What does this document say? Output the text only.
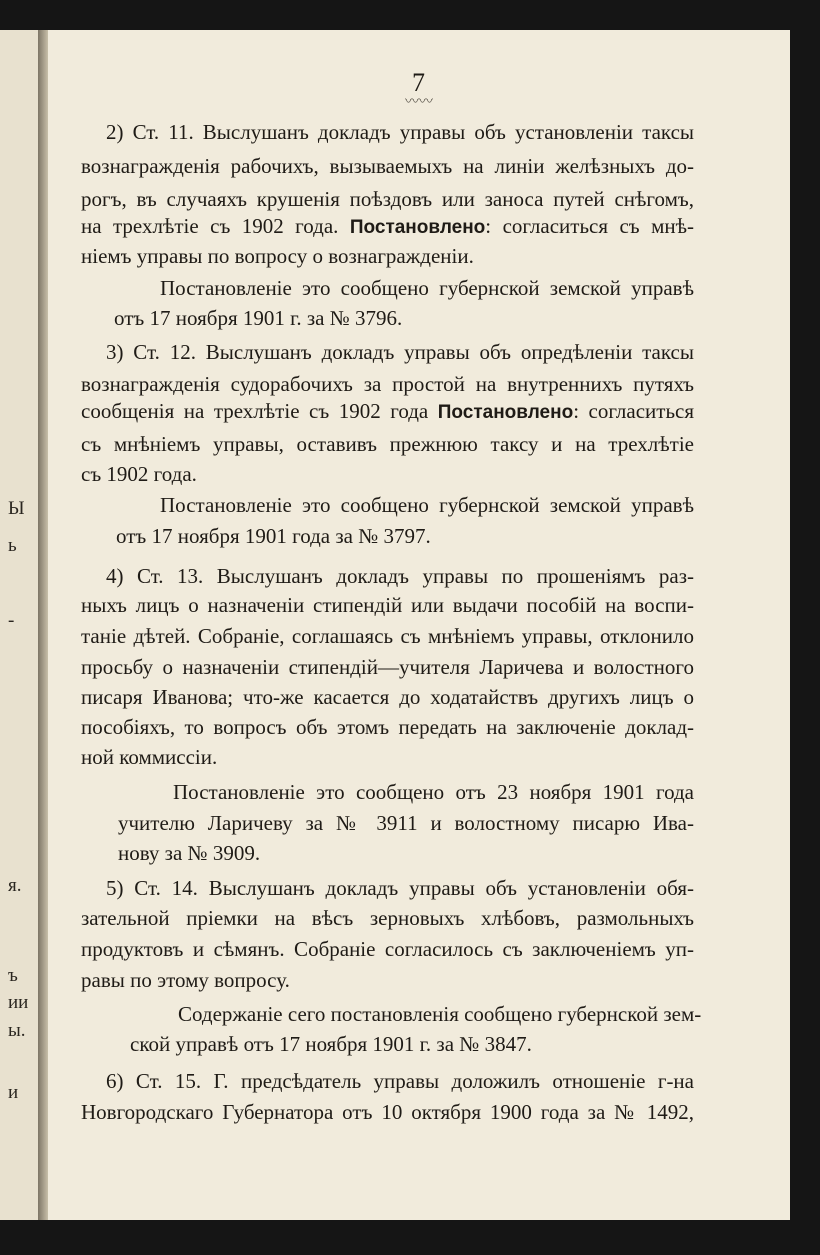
Ы
ь
-
я.
ъ
ии
ы.
и
7
〰〰
2) Ст. 11. Выслушанъ докладъ управы объ установленіи таксы
вознагражденія рабочихъ, вызываемыхъ на линіи желѣзныхъ до-
рогъ, въ случаяхъ крушенія поѣздовъ или заноса путей снѣгомъ,
на трехлѣтіе съ 1902 года. Постановлено: согласиться съ мнѣ-
ніемъ управы по вопросу о вознагражденіи.
Постановленіе это сообщено губернской земской управѣ
отъ 17 ноября 1901 г. за № 3796.
3) Ст. 12. Выслушанъ докладъ управы объ опредѣленіи таксы
вознагражденія судорабочихъ за простой на внутреннихъ путяхъ
сообщенія на трехлѣтіе съ 1902 года Постановлено: согласиться
съ мнѣніемъ управы, оставивъ прежнюю таксу и на трехлѣтіе
съ 1902 года.
Постановленіе это сообщено губернской земской управѣ
отъ 17 ноября 1901 года за № 3797.
4) Ст. 13. Выслушанъ докладъ управы по прошеніямъ раз-
ныхъ лицъ о назначеніи стипендій или выдачи пособій на воспи-
таніе дѣтей. Собраніе, соглашаясь съ мнѣніемъ управы, отклонило
просьбу о назначеніи стипендій—учителя Ларичева и волостного
писаря Иванова; что-же касается до ходатайствъ другихъ лицъ о
пособіяхъ, то вопросъ объ этомъ передать на заключеніе доклад-
ной коммиссіи.
Постановленіе это сообщено отъ 23 ноября 1901 года
учителю Ларичеву за № 3911 и волостному писарю Ива-
нову за № 3909.
5) Ст. 14. Выслушанъ докладъ управы объ установленіи обя-
зательной пріемки на вѣсъ зерновыхъ хлѣбовъ, размольныхъ
продуктовъ и сѣмянъ. Собраніе согласилось съ заключеніемъ уп-
равы по этому вопросу.
Содержаніе сего постановленія сообщено губернской зем-
ской управѣ отъ 17 ноября 1901 г. за № 3847.
6) Ст. 15. Г. предсѣдатель управы доложилъ отношеніе г-на
Новгородскаго Губернатора отъ 10 октября 1900 года за № 1492,
